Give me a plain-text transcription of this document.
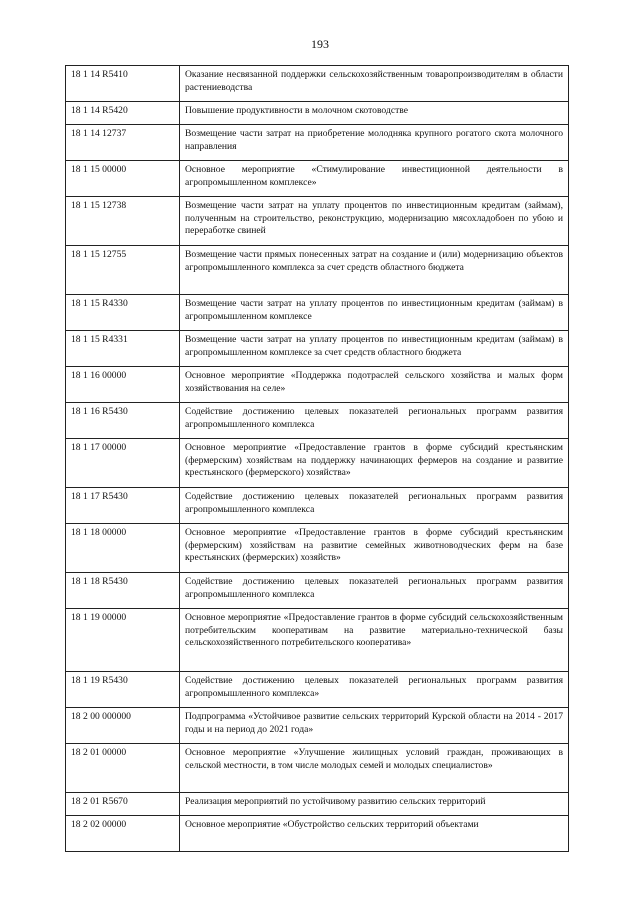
193
18 1 14 R5410	Оказание несвязанной поддержки сельскохозяйственным товаропроизводителям в области растениеводства
18 1 14 R5420	Повышение продуктивности в молочном скотоводстве
18 1 14 12737	Возмещение части затрат на приобретение молодняка крупного рогатого скота молочного направления
18 1 15 00000	Основное мероприятие «Стимулирование инвестиционной деятельности в агропромышленном комплексе»
18 1 15 12738	Возмещение части затрат на уплату процентов по инвестиционным кредитам (займам), полученным на строительство, реконструкцию, модернизацию мясохладобоен по убою и переработке свиней
18 1 15 12755	Возмещение части прямых понесенных затрат на создание и (или) модернизацию объектов агропромышленного комплекса за счет средств областного бюджета
18 1 15 R4330	Возмещение части затрат на уплату процентов по инвестиционным кредитам (займам) в агропромышленном комплексе
18 1 15 R4331	Возмещение части затрат на уплату процентов по инвестиционным кредитам (займам) в агропромышленном комплексе за счет средств областного бюджета
18 1 16 00000	Основное мероприятие «Поддержка подотраслей сельского хозяйства и малых форм хозяйствования на селе»
18 1 16 R5430	Содействие достижению целевых показателей региональных программ развития агропромышленного комплекса
18 1 17 00000	Основное мероприятие «Предоставление грантов в форме субсидий крестьянским (фермерским) хозяйствам на поддержку начинающих фермеров на создание и развитие крестьянского (фермерского) хозяйства»
18 1 17 R5430	Содействие достижению целевых показателей региональных программ развития агропромышленного комплекса
18 1 18 00000	Основное мероприятие «Предоставление грантов в форме субсидий крестьянским (фермерским) хозяйствам на развитие семейных животноводческих ферм на базе крестьянских (фермерских) хозяйств»
18 1 18 R5430	Содействие достижению целевых показателей региональных программ развития агропромышленного комплекса
18 1 19 00000	Основное мероприятие «Предоставление грантов в форме субсидий сельскохозяйственным потребительским кооперативам на развитие материально-технической базы сельскохозяйственного потребительского кооператива»
18 1 19 R5430	Содействие достижению целевых показателей региональных программ развития агропромышленного комплекса»
18 2 00 000000	Подпрограмма «Устойчивое развитие сельских территорий Курской области на 2014 - 2017 годы и на период до 2021 года»
18 2 01 00000	Основное мероприятие «Улучшение жилищных условий граждан, проживающих в сельской местности, в том числе молодых семей и молодых специалистов»
18 2 01 R5670	Реализация мероприятий по устойчивому развитию сельских территорий
18 2 02 00000	Основное мероприятие «Обустройство сельских территорий объектами
